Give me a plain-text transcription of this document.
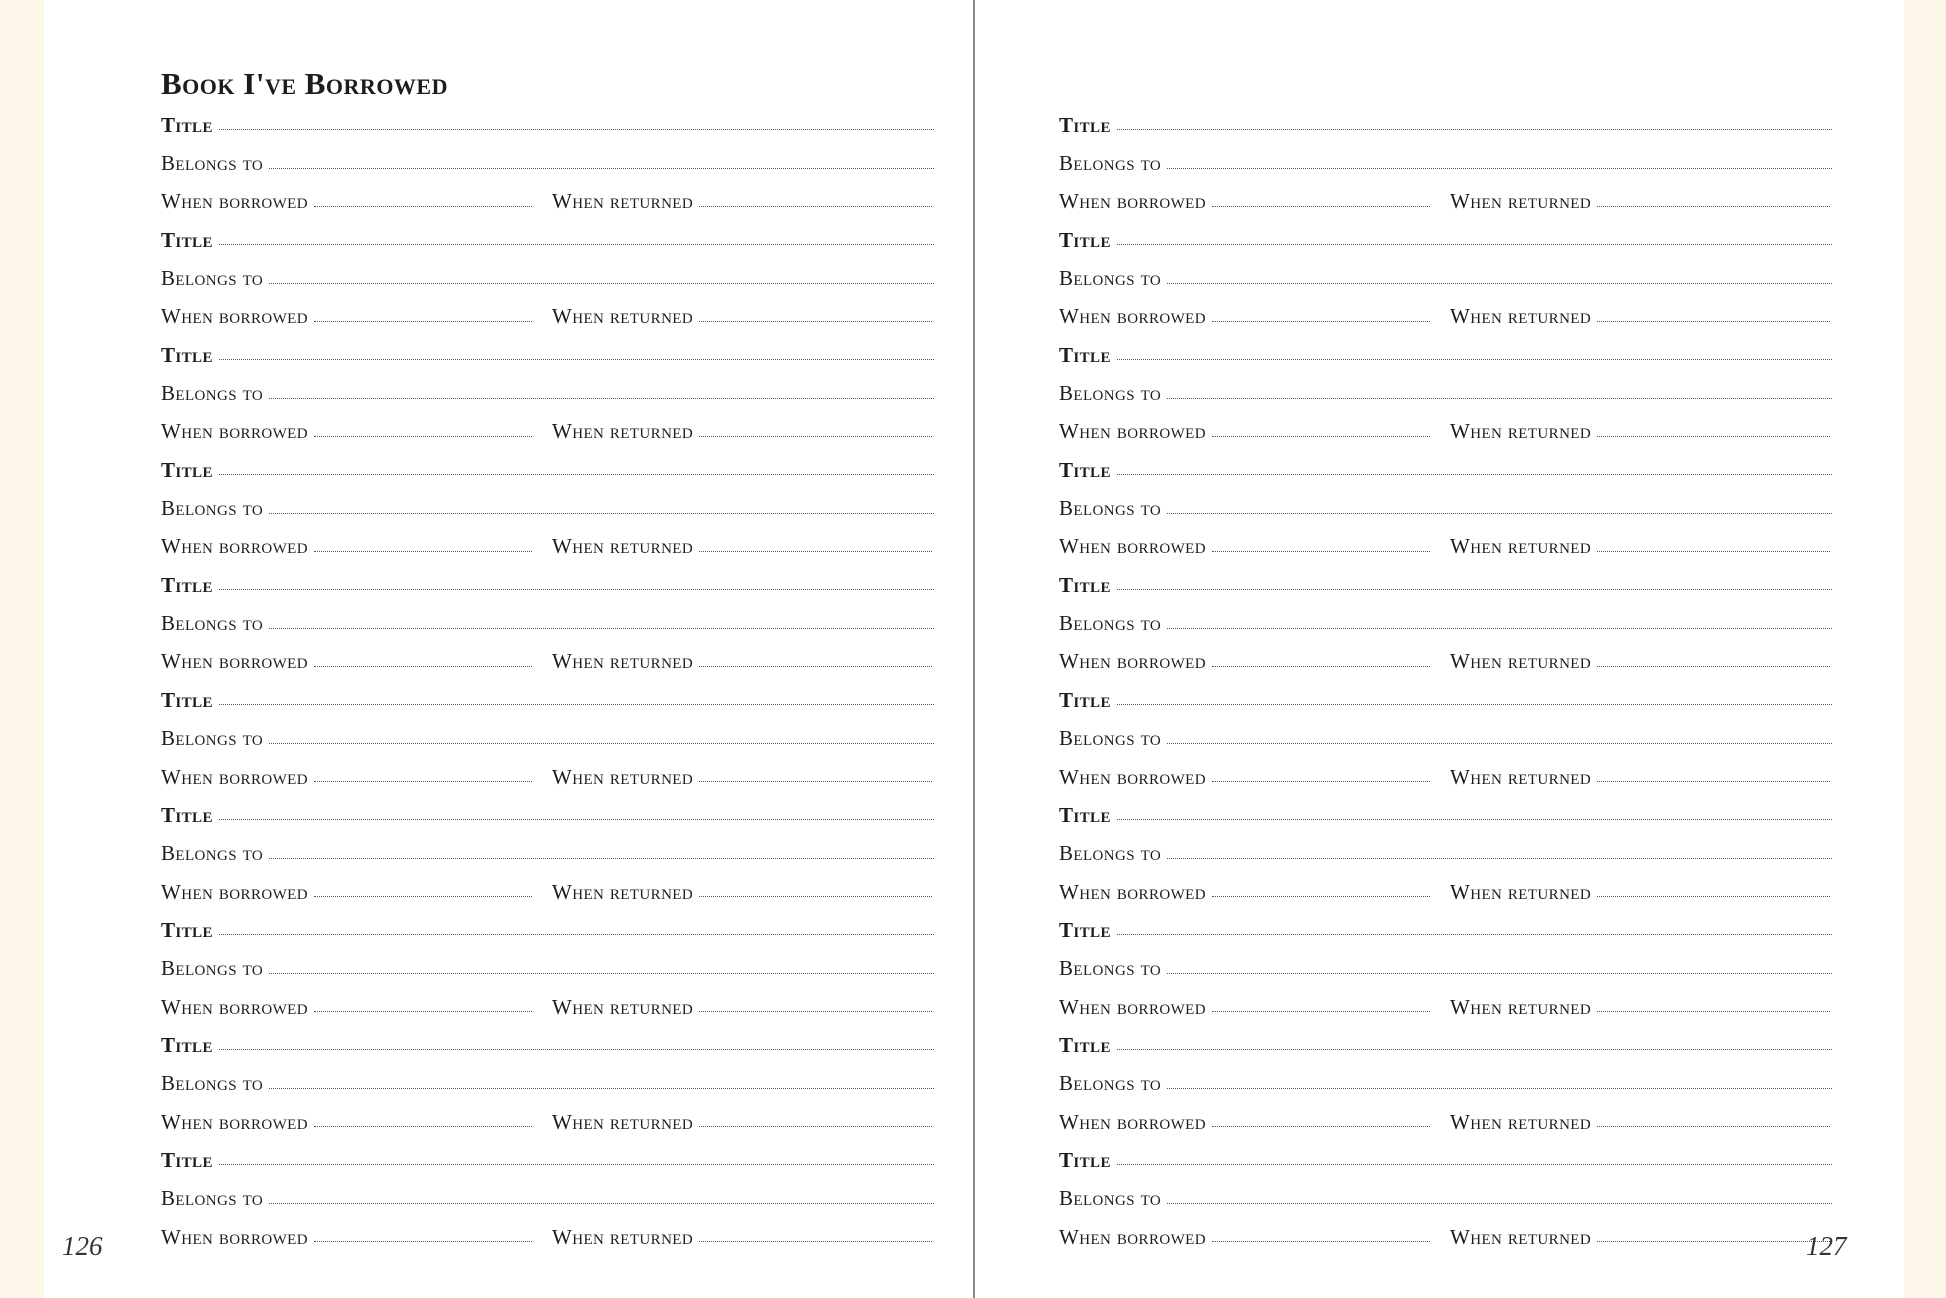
Book I've Borrowed
Title
Belongs to
When borrowed	When returned
Title
Belongs to
When borrowed	When returned
Title
Belongs to
When borrowed	When returned
Title
Belongs to
When borrowed	When returned
Title
Belongs to
When borrowed	When returned
Title
Belongs to
When borrowed	When returned
Title
Belongs to
When borrowed	When returned
Title
Belongs to
When borrowed	When returned
Title
Belongs to
When borrowed	When returned
Title
Belongs to
When borrowed	When returned
126
Title
Belongs to
When borrowed	When returned
Title
Belongs to
When borrowed	When returned
Title
Belongs to
When borrowed	When returned
Title
Belongs to
When borrowed	When returned
Title
Belongs to
When borrowed	When returned
Title
Belongs to
When borrowed	When returned
Title
Belongs to
When borrowed	When returned
Title
Belongs to
When borrowed	When returned
Title
Belongs to
When borrowed	When returned
Title
Belongs to
When borrowed	When returned	127
